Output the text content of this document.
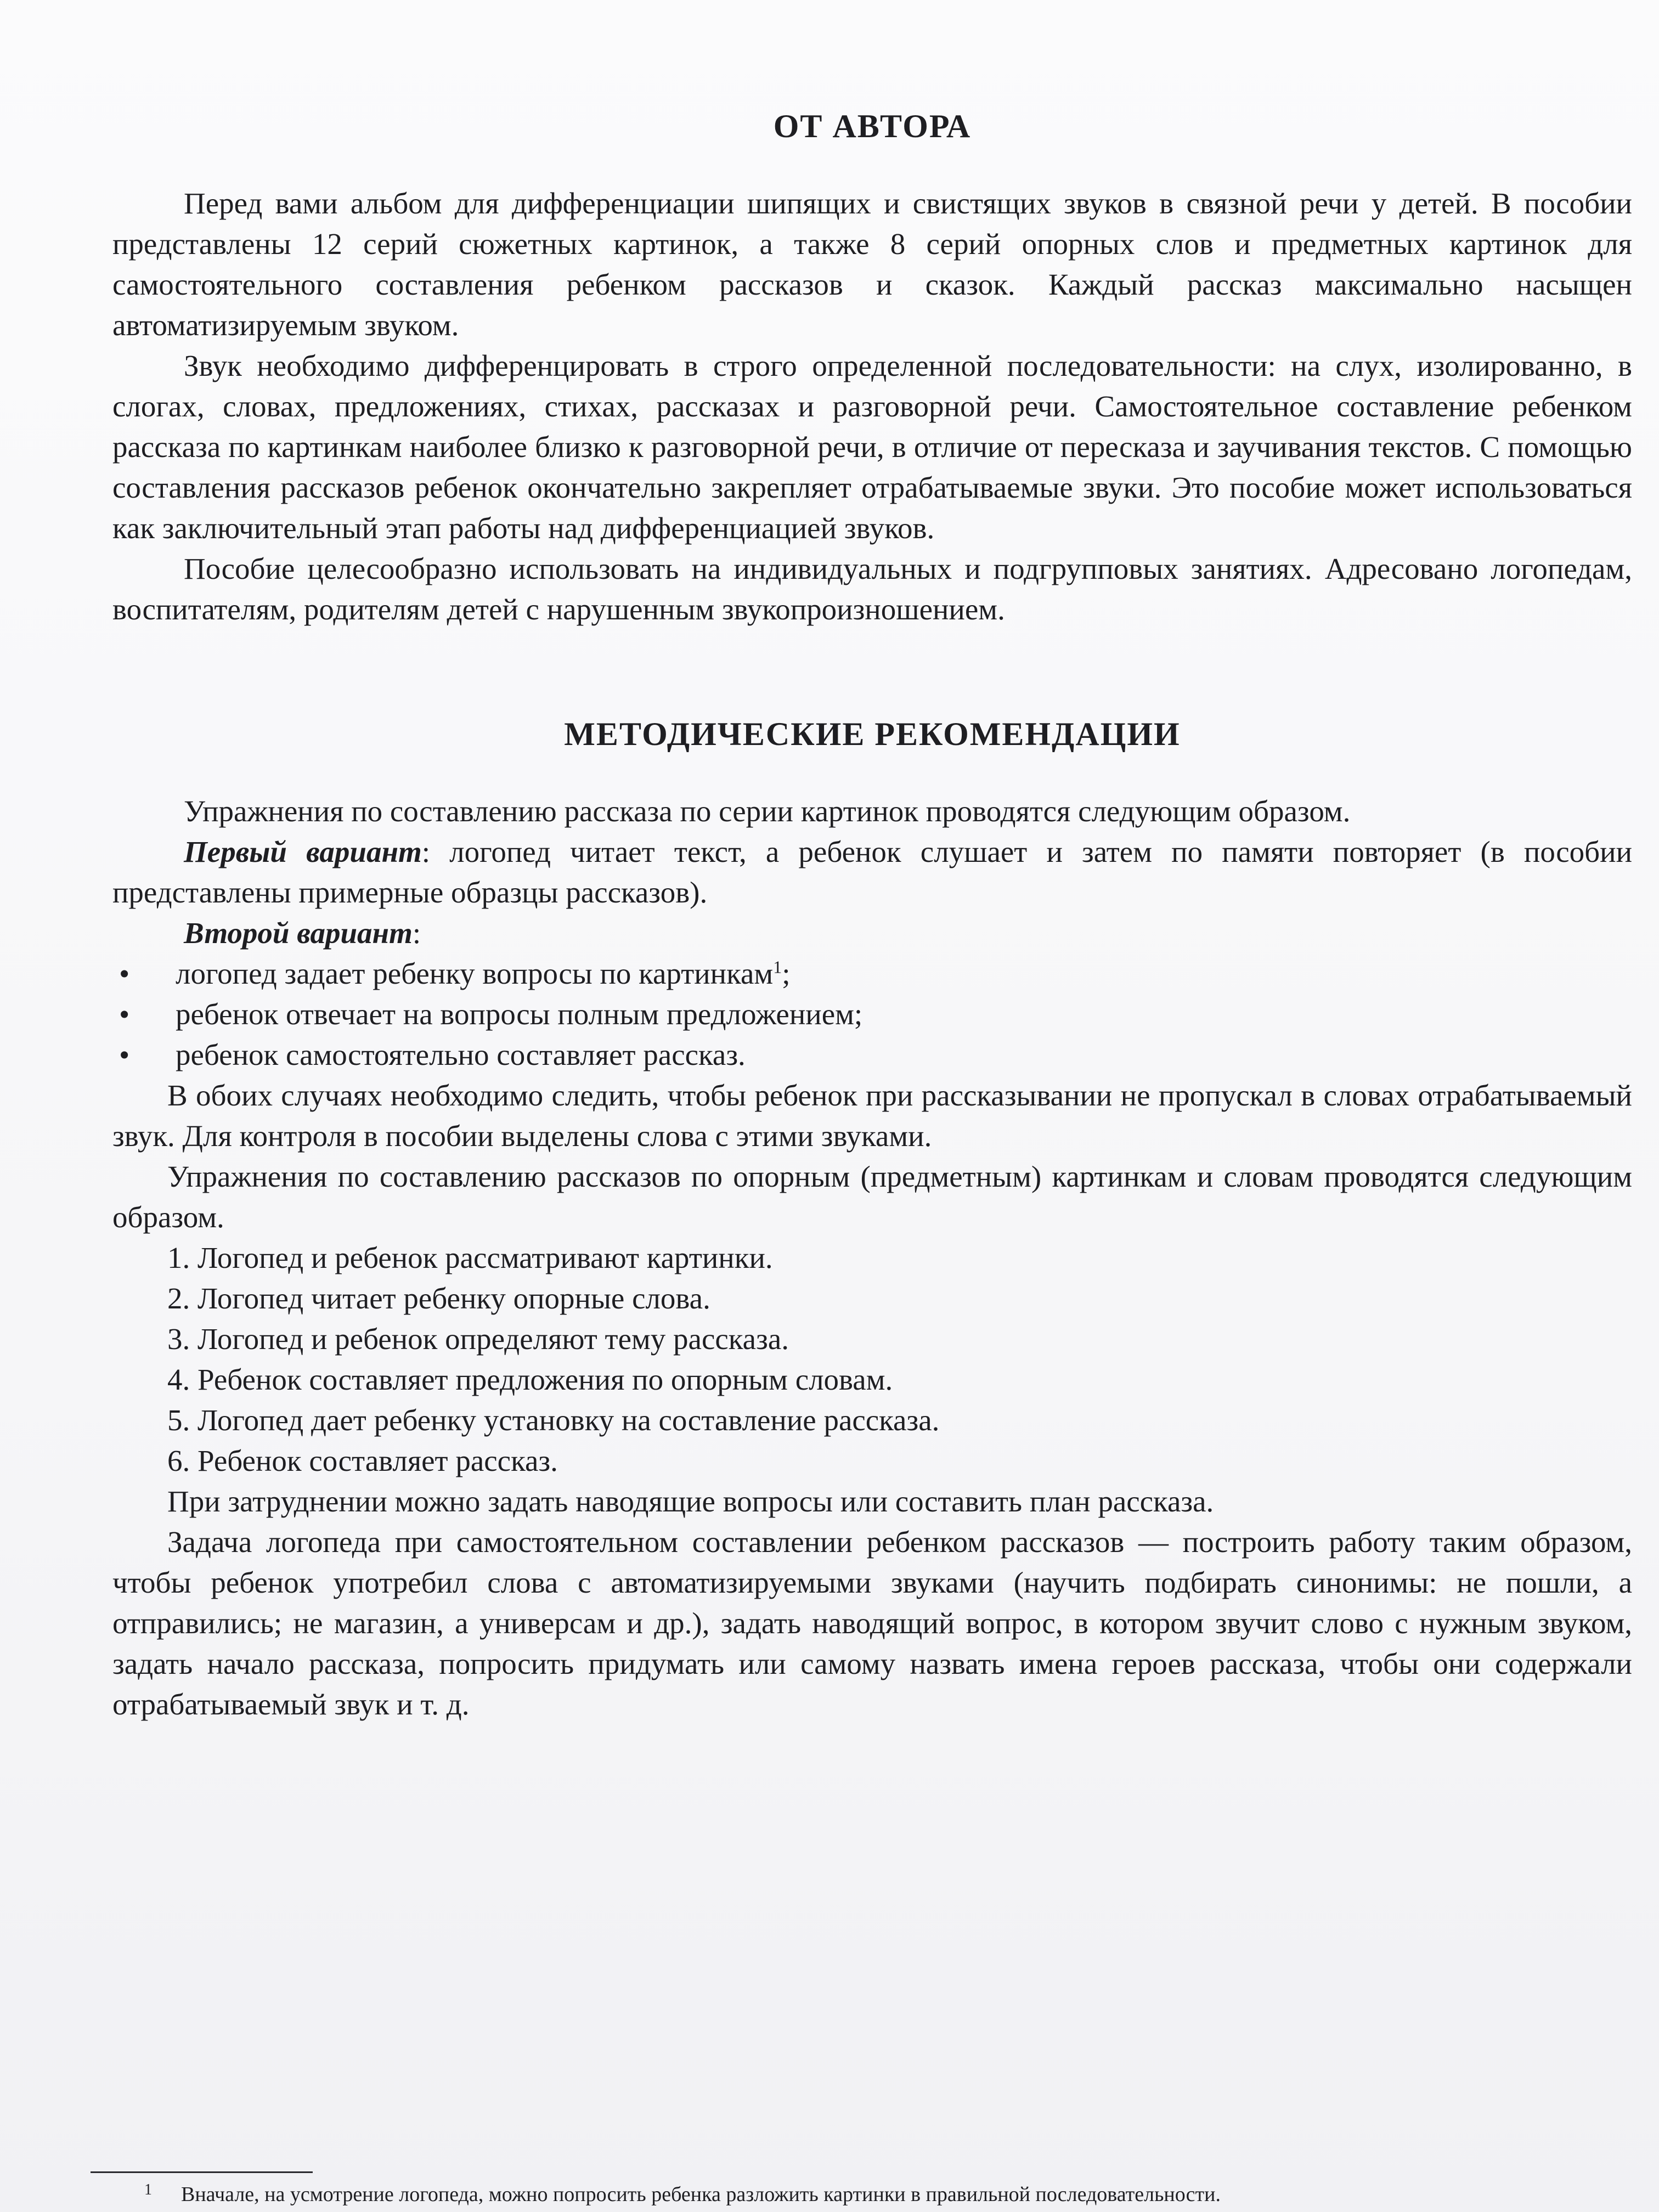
ОТ АВТОРА

Перед вами альбом для дифференциации шипящих и свистящих звуков в связной речи у детей. В пособии представлены 12 серий сюжетных картинок, а также 8 серий опорных слов и предметных картинок для самостоятельного составления ребенком рассказов и сказок. Каждый рассказ максимально насыщен автоматизируемым звуком.

Звук необходимо дифференцировать в строго определенной последовательности: на слух, изолированно, в слогах, словах, предложениях, стихах, рассказах и разговорной речи. Самостоятельное составление ребенком рассказа по картинкам наиболее близко к разговорной речи, в отличие от пересказа и заучивания текстов. С помощью составления рассказов ребенок окончательно закрепляет отрабатываемые звуки. Это пособие может использоваться как заключительный этап работы над дифференциацией звуков.

Пособие целесообразно использовать на индивидуальных и подгрупповых занятиях. Адресовано логопедам, воспитателям, родителям детей с нарушенным звукопроизношением.

МЕТОДИЧЕСКИЕ РЕКОМЕНДАЦИИ

Упражнения по составлению рассказа по серии картинок проводятся следующим образом.

Первый вариант: логопед читает текст, а ребенок слушает и затем по памяти повторяет (в пособии представлены примерные образцы рассказов).

Второй вариант:

• логопед задает ребенку вопросы по картинкам$^1$;
• ребенок отвечает на вопросы полным предложением;
• ребенок самостоятельно составляет рассказ.

В обоих случаях необходимо следить, чтобы ребенок при рассказывании не пропускал в словах отрабатываемый звук. Для контроля в пособии выделены слова с этими звуками.

Упражнения по составлению рассказов по опорным (предметным) картинкам и словам проводятся следующим образом.

1. Логопед и ребенок рассматривают картинки.
2. Логопед читает ребенку опорные слова.
3. Логопед и ребенок определяют тему рассказа.
4. Ребенок составляет предложения по опорным словам.
5. Логопед дает ребенку установку на составление рассказа.
6. Ребенок составляет рассказ.

При затруднении можно задать наводящие вопросы или составить план рассказа.

Задача логопеда при самостоятельном составлении ребенком рассказов — построить работу таким образом, чтобы ребенок употребил слова с автоматизируемыми звуками (научить подбирать синонимы: не пошли, а отправились; не магазин, а универсам и др.), задать наводящий вопрос, в котором звучит слово с нужным звуком, задать начало рассказа, попросить придумать или самому назвать имена героев рассказа, чтобы они содержали отрабатываемый звук и т. д.

1 Вначале, на усмотрение логопеда, можно попросить ребенка разложить картинки в правильной последовательности.
